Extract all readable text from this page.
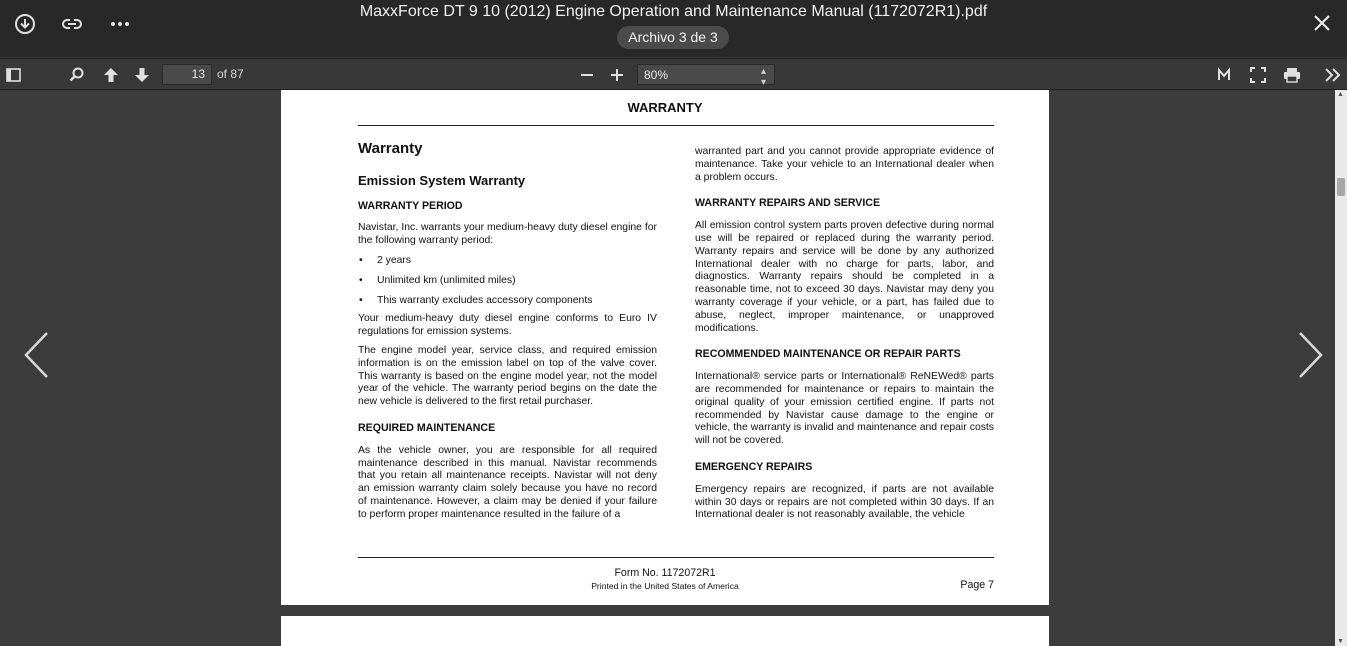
MaxxForce DT 9 10 (2012) Engine Operation and Maintenance Manual (1172072R1).pdf
Archivo 3 de 3
13	of 87	80%	▴
▾
WARRANTY
Warranty
Emission System Warranty
WARRANTY PERIOD

Navistar, Inc. warrants your medium-heavy duty diesel engine for the following warranty period:

• 2 years
• Unlimited km (unlimited miles)
• This warranty excludes accessory components

Your medium-heavy duty diesel engine conforms to Euro IV regulations for emission systems.

The engine model year, service class, and required emission information is on the emission label on top of the valve cover. This warranty is based on the engine model year, not the model year of the vehicle. The warranty period begins on the date the new vehicle is delivered to the first retail purchaser.

REQUIRED MAINTENANCE

As the vehicle owner, you are responsible for all required maintenance described in this manual. Navistar recommends that you retain all maintenance receipts. Navistar will not deny an emission warranty claim solely because you have no record of maintenance. However, a claim may be denied if your failure to perform proper maintenance resulted in the failure of a

warranted part and you cannot provide appropriate evidence of maintenance. Take your vehicle to an International dealer when a problem occurs.

WARRANTY REPAIRS AND SERVICE

All emission control system parts proven defective during normal use will be repaired or replaced during the warranty period. Warranty repairs and service will be done by any authorized International dealer with no charge for parts, labor, and diagnostics. Warranty repairs should be completed in a reasonable time, not to exceed 30 days. Navistar may deny you warranty coverage if your vehicle, or a part, has failed due to abuse, neglect, improper maintenance, or unapproved modifications.

RECOMMENDED MAINTENANCE OR REPAIR PARTS

International® service parts or International® ReNEWed® parts are recommended for maintenance or repairs to maintain the original quality of your emission certified engine. If parts not recommended by Navistar cause damage to the engine or vehicle, the warranty is invalid and maintenance and repair costs will not be covered.

EMERGENCY REPAIRS

Emergency repairs are recognized, if parts are not available within 30 days or repairs are not completed within 30 days. If an International dealer is not reasonably available, the vehicle

Form No. 1172072R1
Printed in the United States of America	Page 7
▲
▼
